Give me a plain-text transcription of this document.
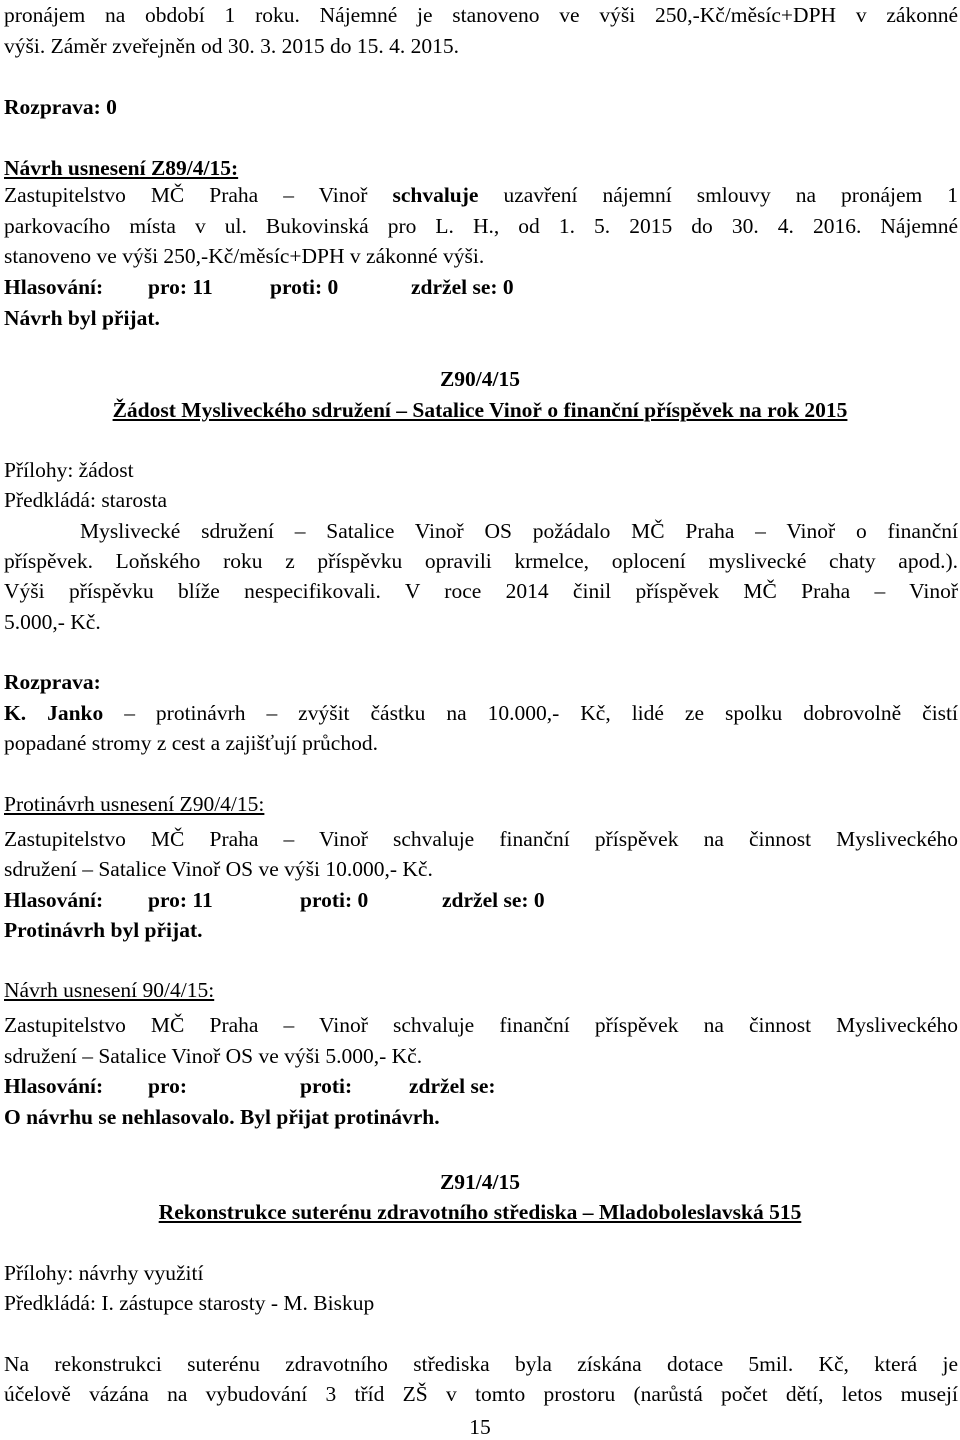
pronájem na období 1 roku. Nájemné je stanoveno ve výši 250,-Kč/měsíc+DPH v zákonné
výši. Záměr zveřejněn od 30. 3. 2015 do 15. 4. 2015.
Rozprava: 0
Návrh usnesení Z89/4/15:
Zastupitelstvo MČ Praha – Vinoř schvaluje uzavření nájemní smlouvy na pronájem 1
parkovacího místa v ul. Bukovinská pro L. H., od 1. 5. 2015 do 30. 4. 2016. Nájemné
stanoveno ve výši 250,-Kč/měsíc+DPH v zákonné výši.
Hlasování: pro: 11	proti: 0	zdržel se: 0
Návrh byl přijat.
Z90/4/15
Žádost Mysliveckého sdružení – Satalice Vinoř o finanční příspěvek na rok 2015
Přílohy: žádost
Předkládá: starosta
Myslivecké sdružení – Satalice Vinoř OS požádalo MČ Praha – Vinoř o finanční
příspěvek. Loňského roku z příspěvku opravili krmelce, oplocení myslivecké chaty apod.).
Výši příspěvku blíže nespecifikovali. V roce 2014 činil příspěvek MČ Praha – Vinoř
5.000,- Kč.
Rozprava:
K. Janko – protinávrh – zvýšit částku na 10.000,- Kč, lidé ze spolku dobrovolně čistí
popadané stromy z cest a zajišťují průchod.
Protinávrh usnesení Z90/4/15:
Zastupitelstvo MČ Praha – Vinoř schvaluje finanční příspěvek na činnost Mysliveckého
sdružení – Satalice Vinoř OS ve výši 10.000,- Kč.
Hlasování: pro: 11	proti: 0	zdržel se: 0
Protinávrh byl přijat.
Návrh usnesení 90/4/15:
Zastupitelstvo MČ Praha – Vinoř schvaluje finanční příspěvek na činnost Mysliveckého
sdružení – Satalice Vinoř OS ve výši 5.000,- Kč.
Hlasování: pro:	proti:	zdržel se:
O návrhu se nehlasovalo. Byl přijat protinávrh.
Z91/4/15
Rekonstrukce suterénu zdravotního střediska – Mladoboleslavská 515
Přílohy: návrhy využití
Předkládá: I. zástupce starosty - M. Biskup
Na rekonstrukci suterénu zdravotního střediska byla získána dotace 5mil. Kč, která je
účelově vázána na vybudování 3 tříd ZŠ v tomto prostoru (narůstá počet dětí, letos musejí
15
